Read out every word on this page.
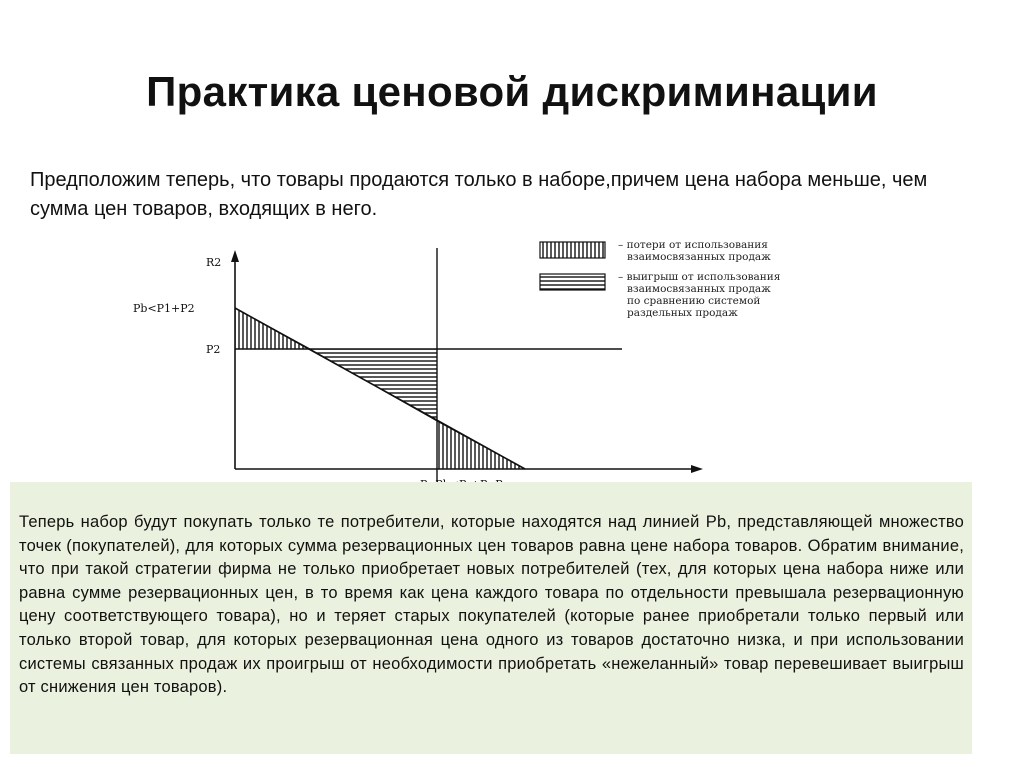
Практика ценовой дискриминации
Предположим теперь, что товары продаются только в наборе,причем цена набора меньше, чем сумма цен товаров, входящих в него.
R2
Pb<P1+P2
P2
– потери от использования
взаимосвязанных продаж
– выигрыш от использования
взаимосвязанных продаж
по сравнению системой
раздельных продаж

Теперь набор будут покупать только те потребители, которые находятся над линией Pb, представляющей множество точек (покупателей), для которых сумма резервационных цен товаров равна цене набора товаров. Обратим внимание, что при такой стратегии фирма не только приобретает новых потребителей (тех, для которых цена набора ниже или равна сумме резервационных цен, в то время как цена каждого товара по отдельности превышала резервационную цену соответствующего товара), но и теряет старых покупателей (которые ранее приобретали только первый или только второй товар, для которых резервационная цена одного из товаров достаточно низка, и при использовании системы связанных продаж их проигрыш от необходимости приобретать «нежеланный» товар перевешивает выигрыш от снижения цен товаров).
